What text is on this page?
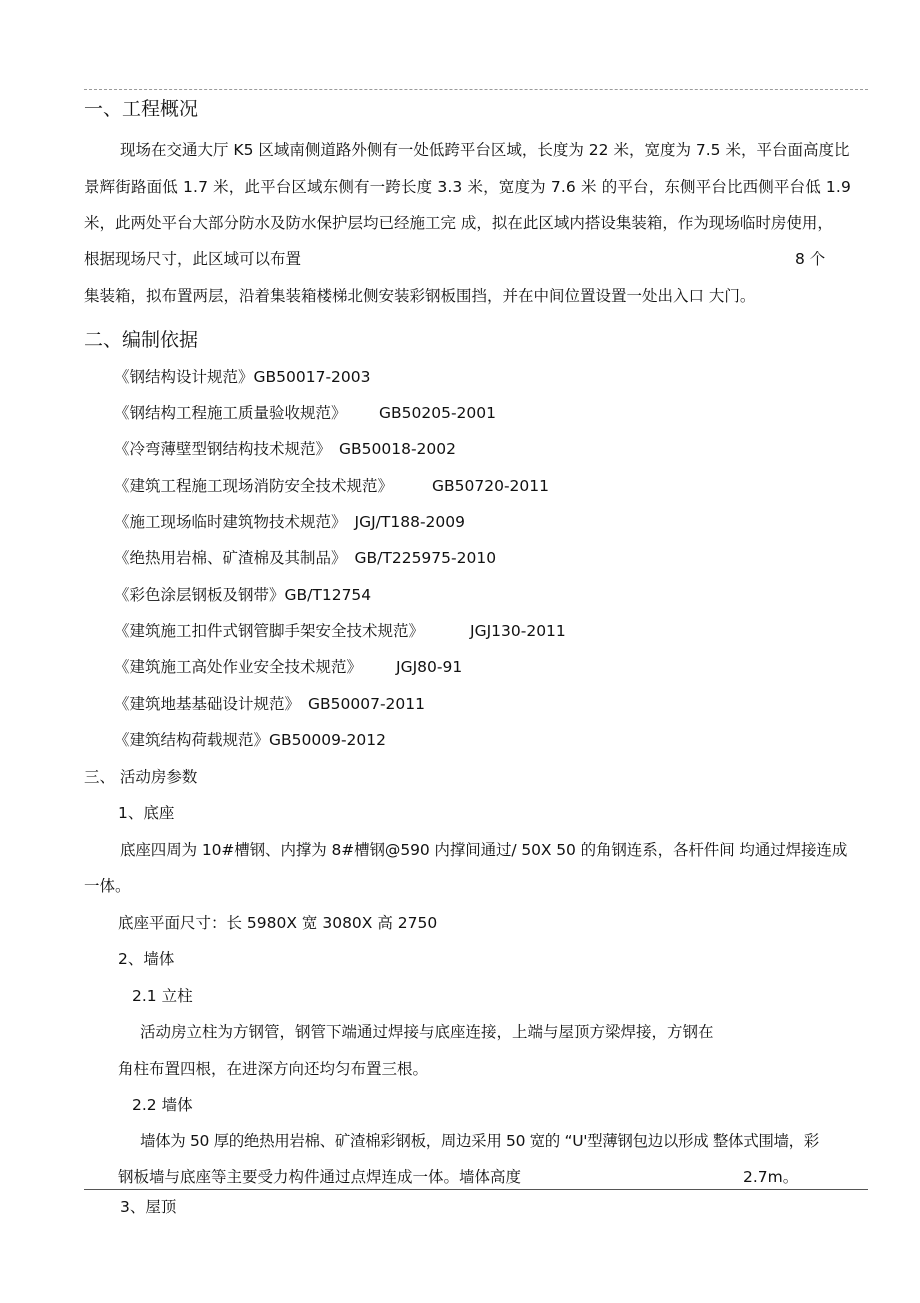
一、工程概况
现场在交通大厅 K5 区域南侧道路外侧有一处低跨平台区域，长度为 22 米，宽度为 7.5 米，平台面高度比
景辉街路面低 1.7 米，此平台区域东侧有一跨长度 3.3 米，宽度为 7.6 米 的平台，东侧平台比西侧平台低 1.9
米，此两处平台大部分防水及防水保护层均已经施工完 成，拟在此区域内搭设集装箱，作为现场临时房使用，
根据现场尺寸，此区域可以布置	8 个
集装箱，拟布置两层，沿着集装箱楼梯北侧安装彩钢板围挡，并在中间位置设置一处出入口 大门。
二、编制依据
《钢结构设计规范》GB50017-2003
《钢结构工程施工质量验收规范》 GB50205-2001
《冷弯薄壁型钢结构技术规范》 GB50018-2002
《建筑工程施工现场消防安全技术规范》	GB50720-2011
《施工现场临时建筑物技术规范》 JGJ/T188-2009
《绝热用岩棉、矿渣棉及其制品》 GB/T225975-2010
《彩色涂层钢板及钢带》GB/T12754
《建筑施工扣件式钢管脚手架安全技术规范》	JGJ130-2011
《建筑施工高处作业安全技术规范》 JGJ80-91
《建筑地基基础设计规范》 GB50007-2011
《建筑结构荷载规范》GB50009-2012
三、 活动房参数
1、底座
底座四周为 10#槽钢、内撑为 8#槽钢@590 内撑间通过/ 50X 50 的角钢连系，各杆件间 均通过焊接连成
一体。
底座平面尺寸：长 5980X 宽 3080X 高 2750
2、墙体
2.1 立柱
活动房立柱为方钢管，钢管下端通过焊接与底座连接，上端与屋顶方梁焊接，方钢在
角柱布置四根，在进深方向还均匀布置三根。
2.2 墙体
墙体为 50 厚的绝热用岩棉、矿渣棉彩钢板，周边采用 50 宽的 “U'型薄钢包边以形成 整体式围墙，彩
钢板墙与底座等主要受力构件通过点焊连成一体。墙体高度	2.7m。
3、屋顶
